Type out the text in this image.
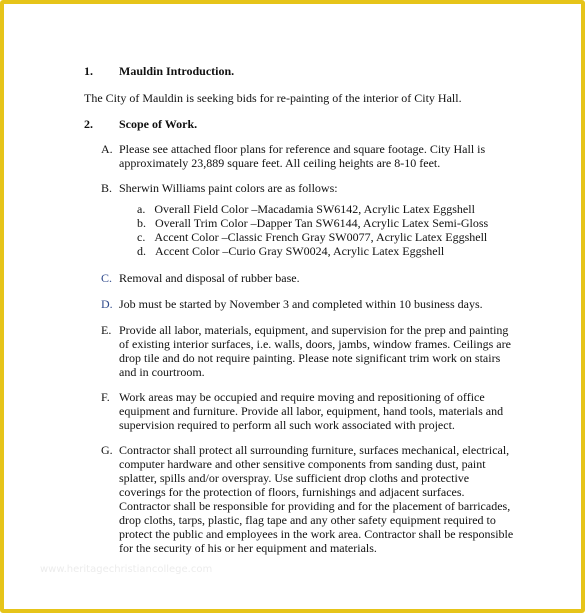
1. Mauldin Introduction.
The City of Mauldin is seeking bids for re-painting of the interior of City Hall.
2. Scope of Work.
A. Please see attached floor plans for reference and square footage. City Hall is
approximately 23,889 square feet. All ceiling heights are 8-10 feet.
B. Sherwin Williams paint colors are as follows:
a. Overall Field Color –Macadamia SW6142, Acrylic Latex Eggshell
b. Overall Trim Color –Dapper Tan SW6144, Acrylic Latex Semi-Gloss
c. Accent Color –Classic French Gray SW0077, Acrylic Latex Eggshell
d. Accent Color –Curio Gray SW0024, Acrylic Latex Eggshell
C. Removal and disposal of rubber base.
D. Job must be started by November 3 and completed within 10 business days.
E. Provide all labor, materials, equipment, and supervision for the prep and painting
of existing interior surfaces, i.e. walls, doors, jambs, window frames. Ceilings are
drop tile and do not require painting. Please note significant trim work on stairs
and in courtroom.
F. Work areas may be occupied and require moving and repositioning of office
equipment and furniture. Provide all labor, equipment, hand tools, materials and
supervision required to perform all such work associated with project.
G. Contractor shall protect all surrounding furniture, surfaces mechanical, electrical,
computer hardware and other sensitive components from sanding dust, paint
splatter, spills and/or overspray. Use sufficient drop cloths and protective
coverings for the protection of floors, furnishings and adjacent surfaces.
Contractor shall be responsible for providing and for the placement of barricades,
drop cloths, tarps, plastic, flag tape and any other safety equipment required to
protect the public and employees in the work area. Contractor shall be responsible
for the security of his or her equipment and materials.
www.heritagechristiancollege.com
